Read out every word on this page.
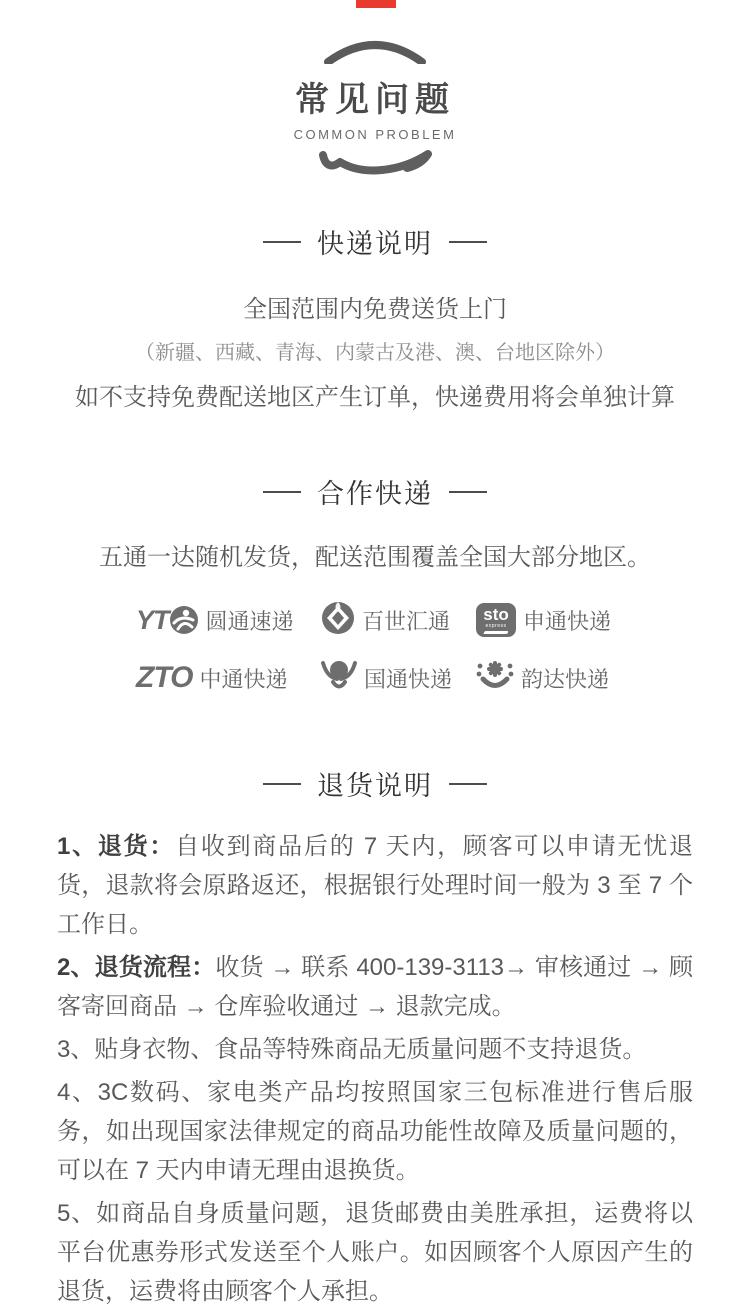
常见问题
COMMON PROBLEM
快递说明

全国范围内免费送货上门

（新疆、西藏、青海、内蒙古及港、澳、台地区除外）

如不支持免费配送地区产生订单，快递费用将会单独计算

合作快递

五通一达随机发货，配送范围覆盖全国大部分地区。

YT 圆通速递	百世汇通 sto
express 申通快递
ZTO 中通快递	国通快递	韵达快递
退货说明

1、退货：自收到商品后的 7 天内，顾客可以申请无忧退货，退款将会原路返还，根据银行处理时间一般为 3 至 7 个工作日。

2、退货流程：收货 → 联系 400-139-3113→ 审核通过 → 顾客寄回商品 → 仓库验收通过 → 退款完成。

3、贴身衣物、食品等特殊商品无质量问题不支持退货。

4、3C数码、家电类产品均按照国家三包标准进行售后服务，如出现国家法律规定的商品功能性故障及质量问题的，可以在 7 天内申请无理由退换货。

5、如商品自身质量问题，退货邮费由美胜承担，运费将以平台优惠券形式发送至个人账户。如因顾客个人原因产生的退货，运费将由顾客个人承担。
